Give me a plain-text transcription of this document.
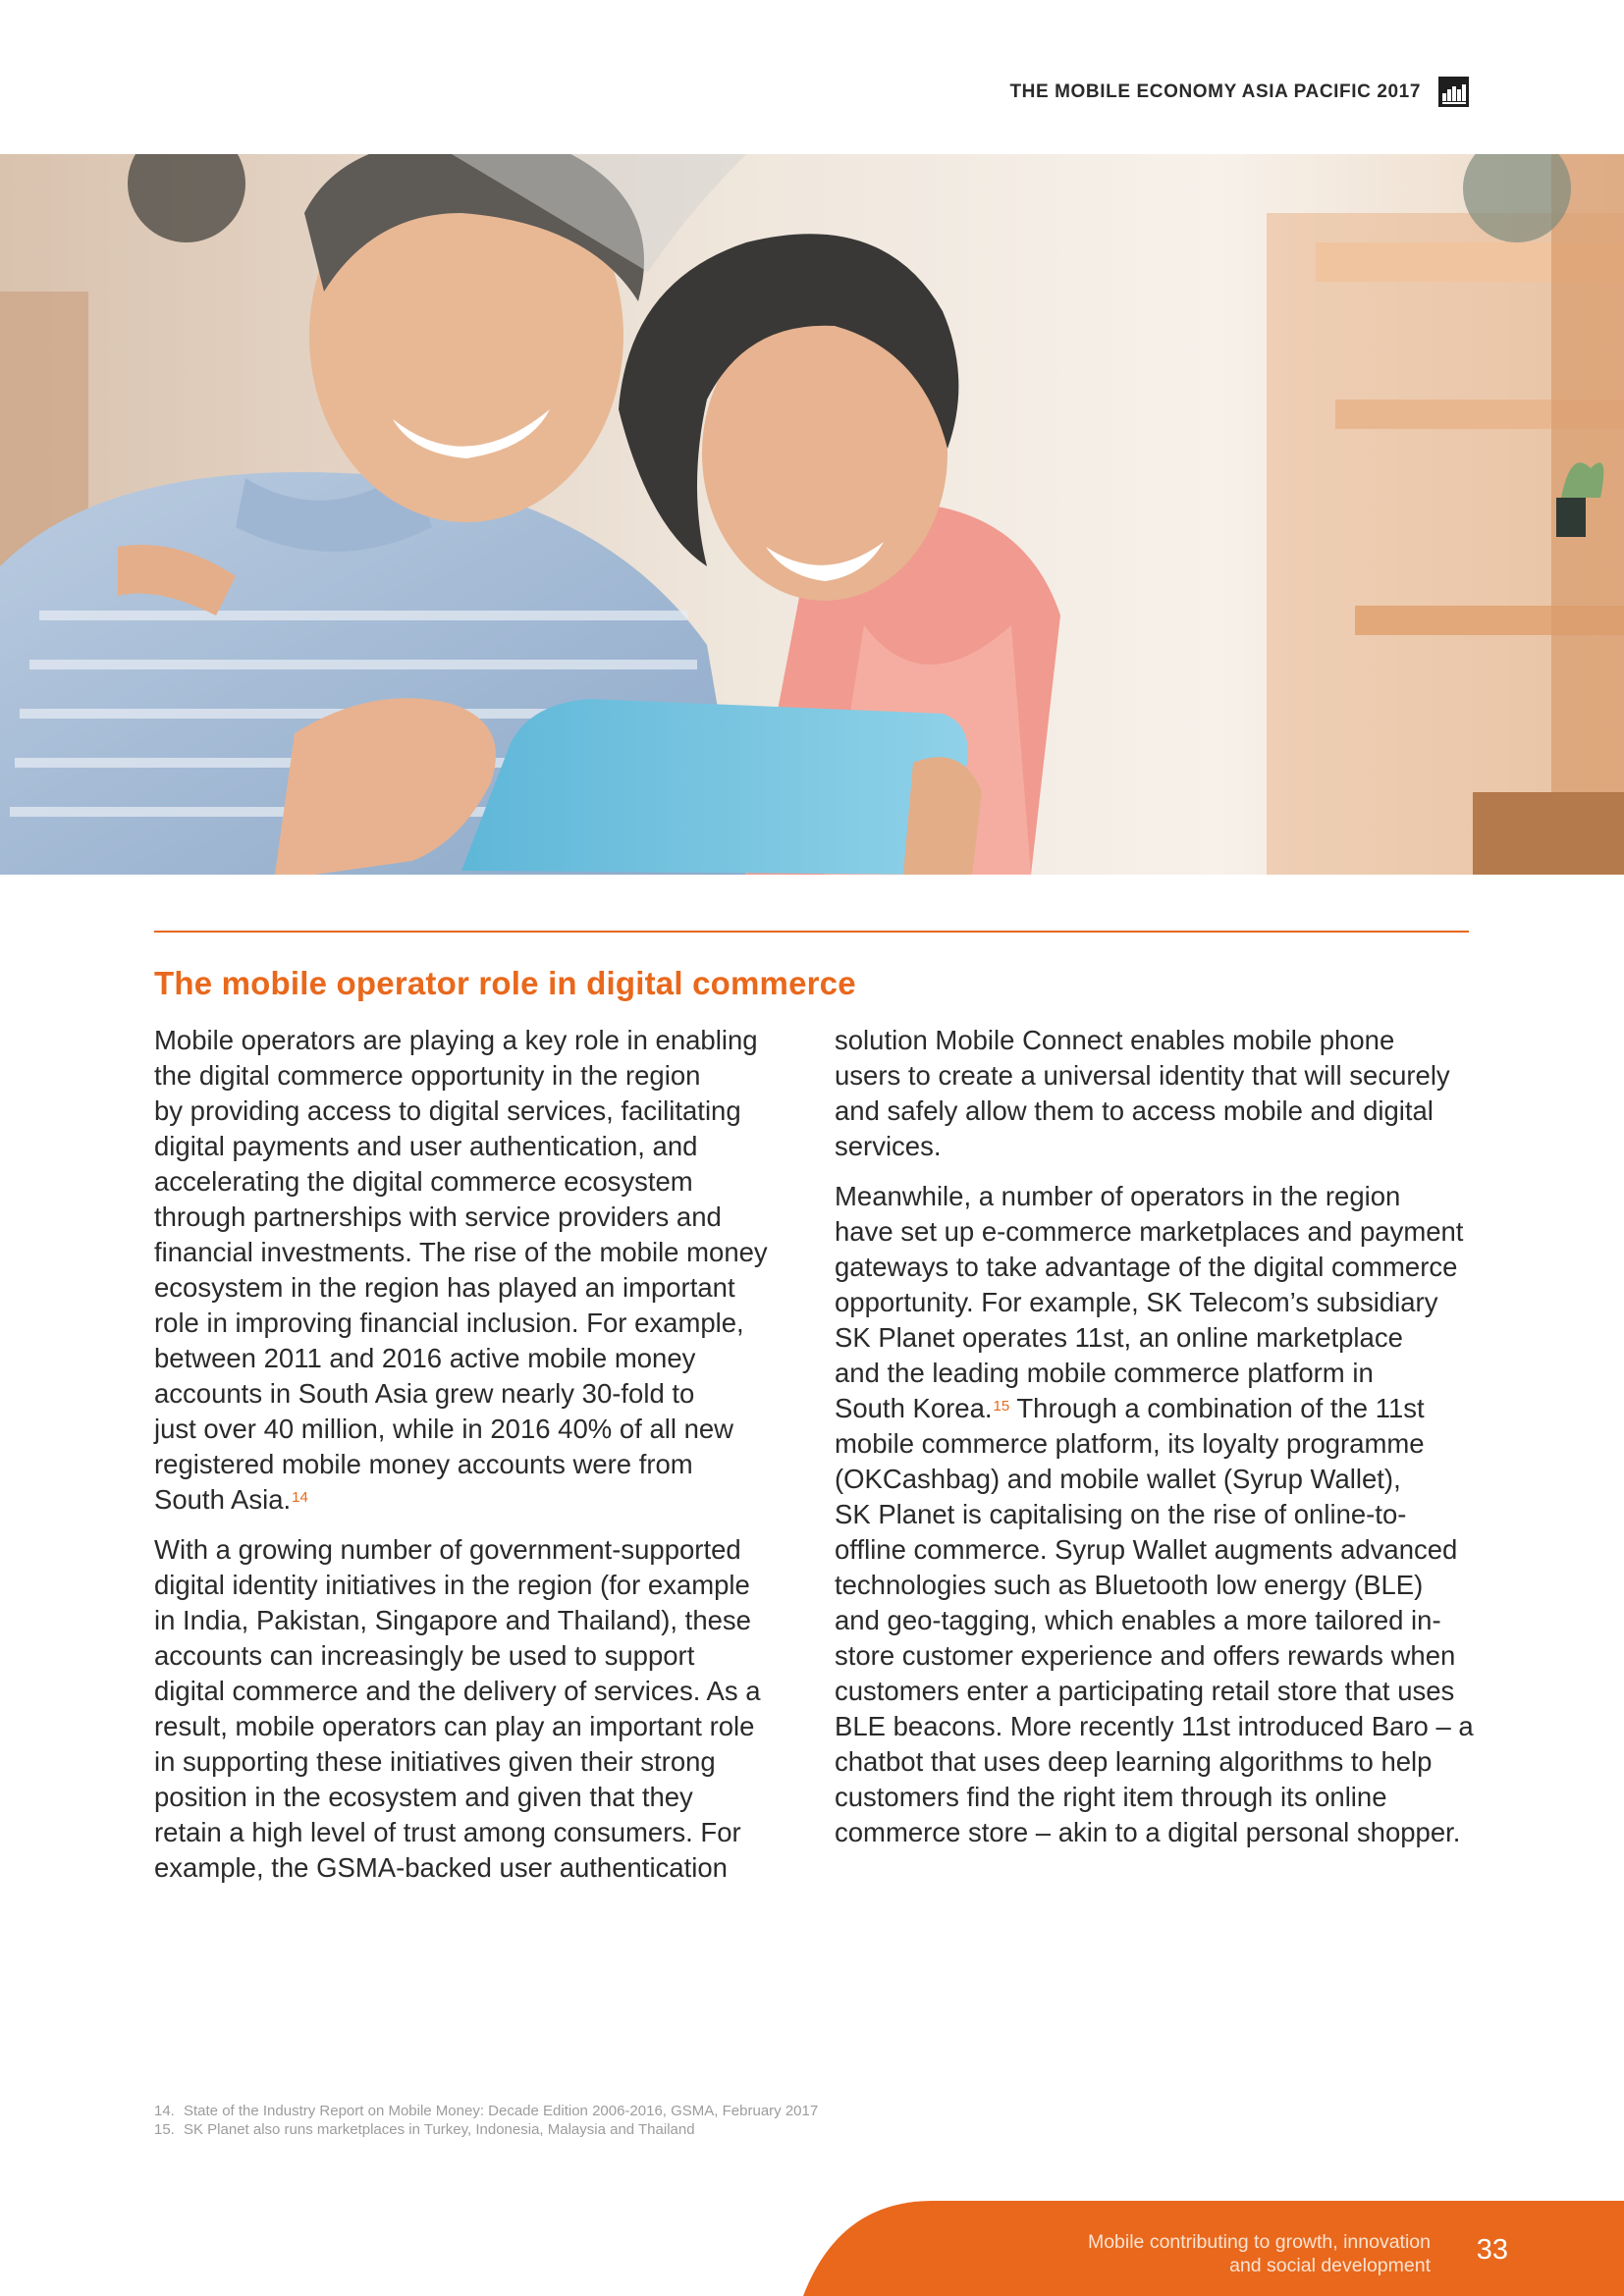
THE MOBILE ECONOMY ASIA PACIFIC 2017
The mobile operator role in digital commerce

Mobile operators are playing a key role in enabling
the digital commerce opportunity in the region
by providing access to digital services, facilitating
digital payments and user authentication, and
accelerating the digital commerce ecosystem
through partnerships with service providers and
financial investments. The rise of the mobile money
ecosystem in the region has played an important
role in improving financial inclusion. For example,
between 2011 and 2016 active mobile money
accounts in South Asia grew nearly 30-fold to
just over 40 million, while in 2016 40% of all new
registered mobile money accounts were from
South Asia.$^{14}$

With a growing number of government-supported
digital identity initiatives in the region (for example
in India, Pakistan, Singapore and Thailand), these
accounts can increasingly be used to support
digital commerce and the delivery of services. As a
result, mobile operators can play an important role
in supporting these initiatives given their strong
position in the ecosystem and given that they
retain a high level of trust among consumers. For
example, the GSMA-backed user authentication

solution Mobile Connect enables mobile phone
users to create a universal identity that will securely
and safely allow them to access mobile and digital
services.

Meanwhile, a number of operators in the region
have set up e-commerce marketplaces and payment
gateways to take advantage of the digital commerce
opportunity. For example, SK Telecom’s subsidiary
SK Planet operates 11st, an online marketplace
and the leading mobile commerce platform in
South Korea.$^{15}$ Through a combination of the 11st
mobile commerce platform, its loyalty programme
(OKCashbag) and mobile wallet (Syrup Wallet),
SK Planet is capitalising on the rise of online-to-
offline commerce. Syrup Wallet augments advanced
technologies such as Bluetooth low energy (BLE)
and geo-tagging, which enables a more tailored in-
store customer experience and offers rewards when
customers enter a participating retail store that uses
BLE beacons. More recently 11st introduced Baro – a
chatbot that uses deep learning algorithms to help
customers find the right item through its online
commerce store – akin to a digital personal shopper.

14. State of the Industry Report on Mobile Money: Decade Edition 2006-2016, GSMA, February 2017
15. SK Planet also runs marketplaces in Turkey, Indonesia, Malaysia and Thailand
Mobile contributing to growth, innovation
and social development 33
